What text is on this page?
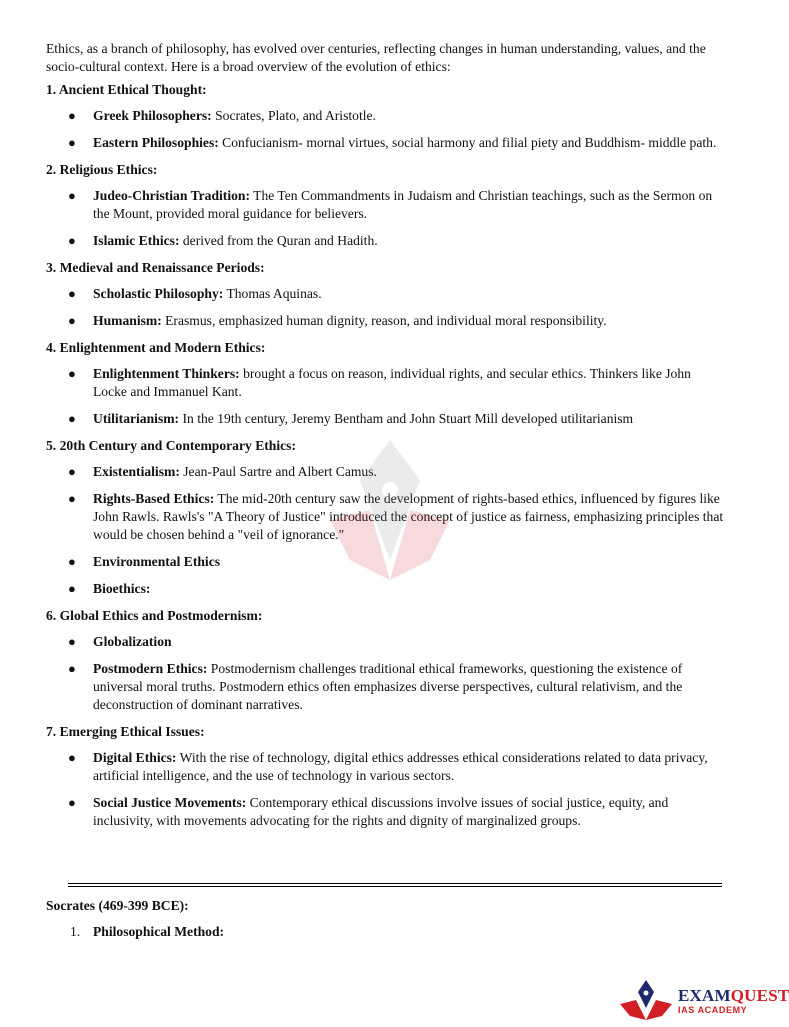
Ethics, as a branch of philosophy, has evolved over centuries, reflecting changes in human understanding, values, and the socio-cultural context. Here is a broad overview of the evolution of ethics:

1. Ancient Ethical Thought:
● Greek Philosophers: Socrates, Plato, and Aristotle.
● Eastern Philosophies: Confucianism- mornal virtues, social harmony and filial piety and Buddhism- middle path.
2. Religious Ethics:
● Judeo-Christian Tradition: The Ten Commandments in Judaism and Christian teachings, such as the Sermon on the Mount, provided moral guidance for believers.
● Islamic Ethics: derived from the Quran and Hadith.
3. Medieval and Renaissance Periods:
● Scholastic Philosophy: Thomas Aquinas.
● Humanism: Erasmus, emphasized human dignity, reason, and individual moral responsibility.
4. Enlightenment and Modern Ethics:
● Enlightenment Thinkers: brought a focus on reason, individual rights, and secular ethics. Thinkers like John Locke and Immanuel Kant.
● Utilitarianism: In the 19th century, Jeremy Bentham and John Stuart Mill developed utilitarianism
5. 20th Century and Contemporary Ethics:
● Existentialism: Jean-Paul Sartre and Albert Camus.
● Rights-Based Ethics: The mid-20th century saw the development of rights-based ethics, influenced by figures like John Rawls. Rawls's "A Theory of Justice" introduced the concept of justice as fairness, emphasizing principles that would be chosen behind a "veil of ignorance."
● Environmental Ethics
● Bioethics:
6. Global Ethics and Postmodernism:
● Globalization
● Postmodern Ethics: Postmodernism challenges traditional ethical frameworks, questioning the existence of universal moral truths. Postmodern ethics often emphasizes diverse perspectives, cultural relativism, and the deconstruction of dominant narratives.
7. Emerging Ethical Issues:
● Digital Ethics: With the rise of technology, digital ethics addresses ethical considerations related to data privacy, artificial intelligence, and the use of technology in various sectors.
● Social Justice Movements: Contemporary ethical discussions involve issues of social justice, equity, and inclusivity, with movements advocating for the rights and dignity of marginalized groups.
Socrates (469-399 BCE):
1. Philosophical Method:
EXAMQUEST
IAS ACADEMY
